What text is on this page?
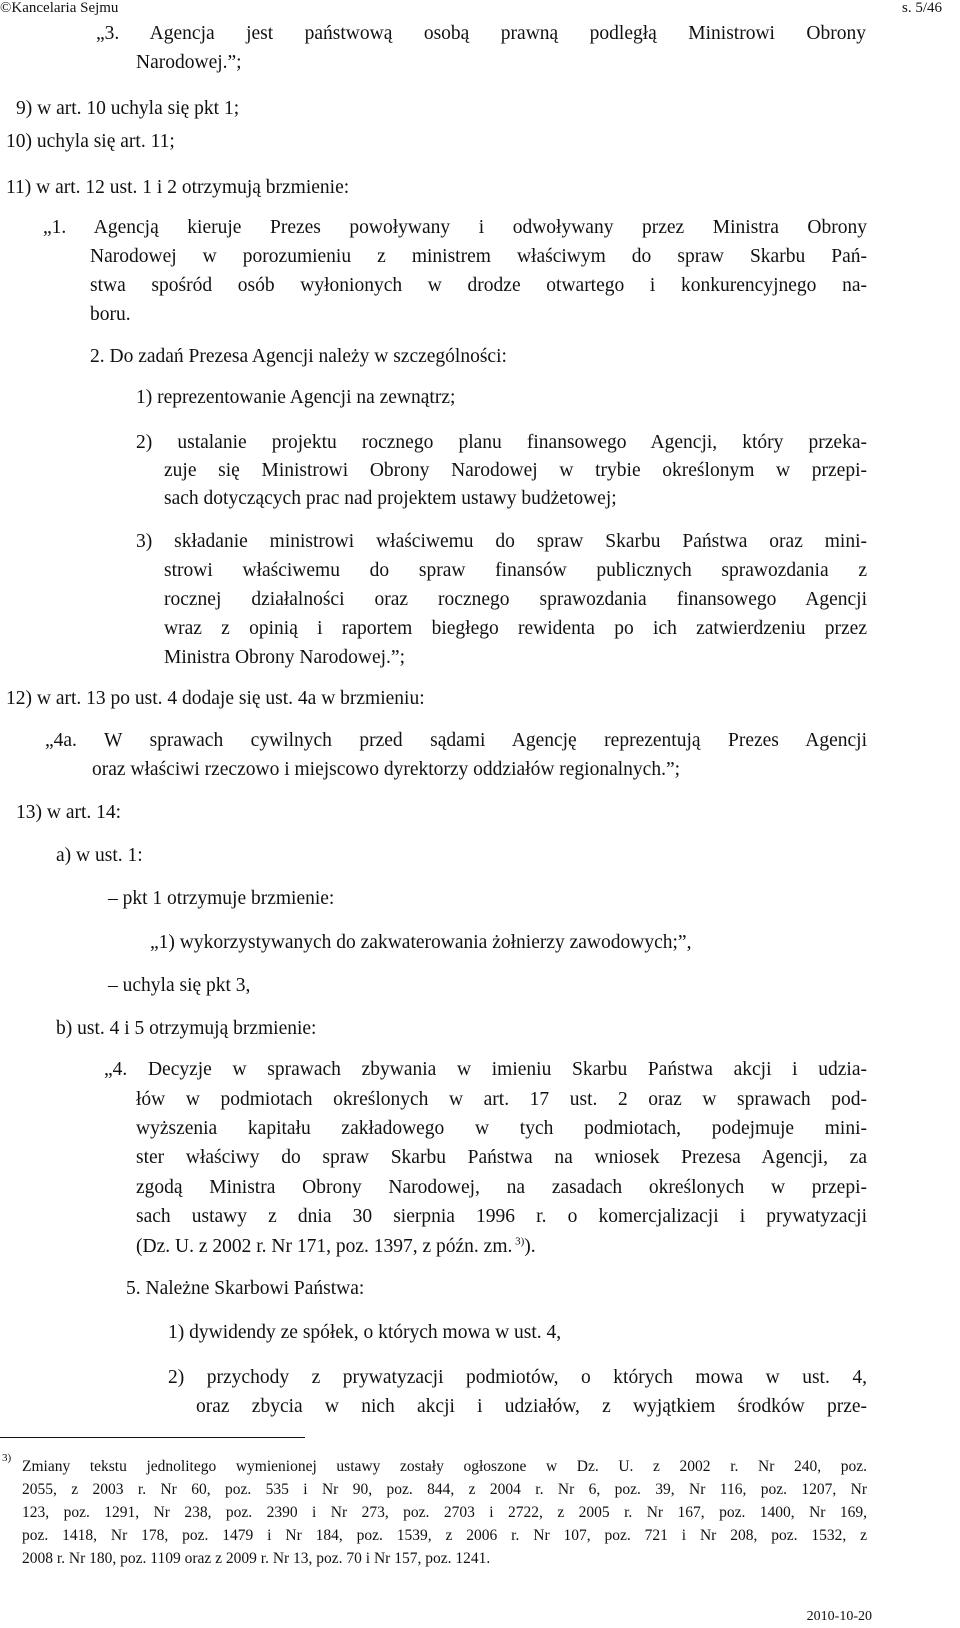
©Kancelaria Sejmu	s. 5/46
„3. Agencja jest państwową osobą prawną podległą Ministrowi Obrony
Narodowej.”;
9) w art. 10 uchyla się pkt 1;
10) uchyla się art. 11;
11) w art. 12 ust. 1 i 2 otrzymują brzmienie:
„1. Agencją kieruje Prezes powoływany i odwoływany przez Ministra Obrony
Narodowej w porozumieniu z ministrem właściwym do spraw Skarbu Pań-
stwa spośród osób wyłonionych w drodze otwartego i konkurencyjnego na-
boru.
2. Do zadań Prezesa Agencji należy w szczególności:
1) reprezentowanie Agencji na zewnątrz;
2) ustalanie projektu rocznego planu finansowego Agencji, który przeka-
zuje się Ministrowi Obrony Narodowej w trybie określonym w przepi-
sach dotyczących prac nad projektem ustawy budżetowej;
3) składanie ministrowi właściwemu do spraw Skarbu Państwa oraz mini-
strowi właściwemu do spraw finansów publicznych sprawozdania z
rocznej działalności oraz rocznego sprawozdania finansowego Agencji
wraz z opinią i raportem biegłego rewidenta po ich zatwierdzeniu przez
Ministra Obrony Narodowej.”;
12) w art. 13 po ust. 4 dodaje się ust. 4a w brzmieniu:
„4a. W sprawach cywilnych przed sądami Agencję reprezentują Prezes Agencji
oraz właściwi rzeczowo i miejscowo dyrektorzy oddziałów regionalnych.”;
13) w art. 14:
a) w ust. 1:
– pkt 1 otrzymuje brzmienie:
„1) wykorzystywanych do zakwaterowania żołnierzy zawodowych;”,
– uchyla się pkt 3,
b) ust. 4 i 5 otrzymują brzmienie:
„4. Decyzje w sprawach zbywania w imieniu Skarbu Państwa akcji i udzia-
łów w podmiotach określonych w art. 17 ust. 2 oraz w sprawach pod-
wyższenia kapitału zakładowego w tych podmiotach, podejmuje mini-
ster właściwy do spraw Skarbu Państwa na wniosek Prezesa Agencji, za
zgodą Ministra Obrony Narodowej, na zasadach określonych w przepi-
sach ustawy z dnia 30 sierpnia 1996 r. o komercjalizacji i prywatyzacji
(Dz. U. z 2002 r. Nr 171, poz. 1397, z późn. zm. $^{3)}$).
5. Należne Skarbowi Państwa:
1) dywidendy ze spółek, o których mowa w ust. 4,
2) przychody z prywatyzacji podmiotów, o których mowa w ust. 4,
oraz zbycia w nich akcji i udziałów, z wyjątkiem środków prze-
3) Zmiany tekstu jednolitego wymienionej ustawy zostały ogłoszone w Dz. U. z 2002 r. Nr 240, poz.
2055, z 2003 r. Nr 60, poz. 535 i Nr 90, poz. 844, z 2004 r. Nr 6, poz. 39, Nr 116, poz. 1207, Nr
123, poz. 1291, Nr 238, poz. 2390 i Nr 273, poz. 2703 i 2722, z 2005 r. Nr 167, poz. 1400, Nr 169,
poz. 1418, Nr 178, poz. 1479 i Nr 184, poz. 1539, z 2006 r. Nr 107, poz. 721 i Nr 208, poz. 1532, z
2008 r. Nr 180, poz. 1109 oraz z 2009 r. Nr 13, poz. 70 i Nr 157, poz. 1241.
2010-10-20
